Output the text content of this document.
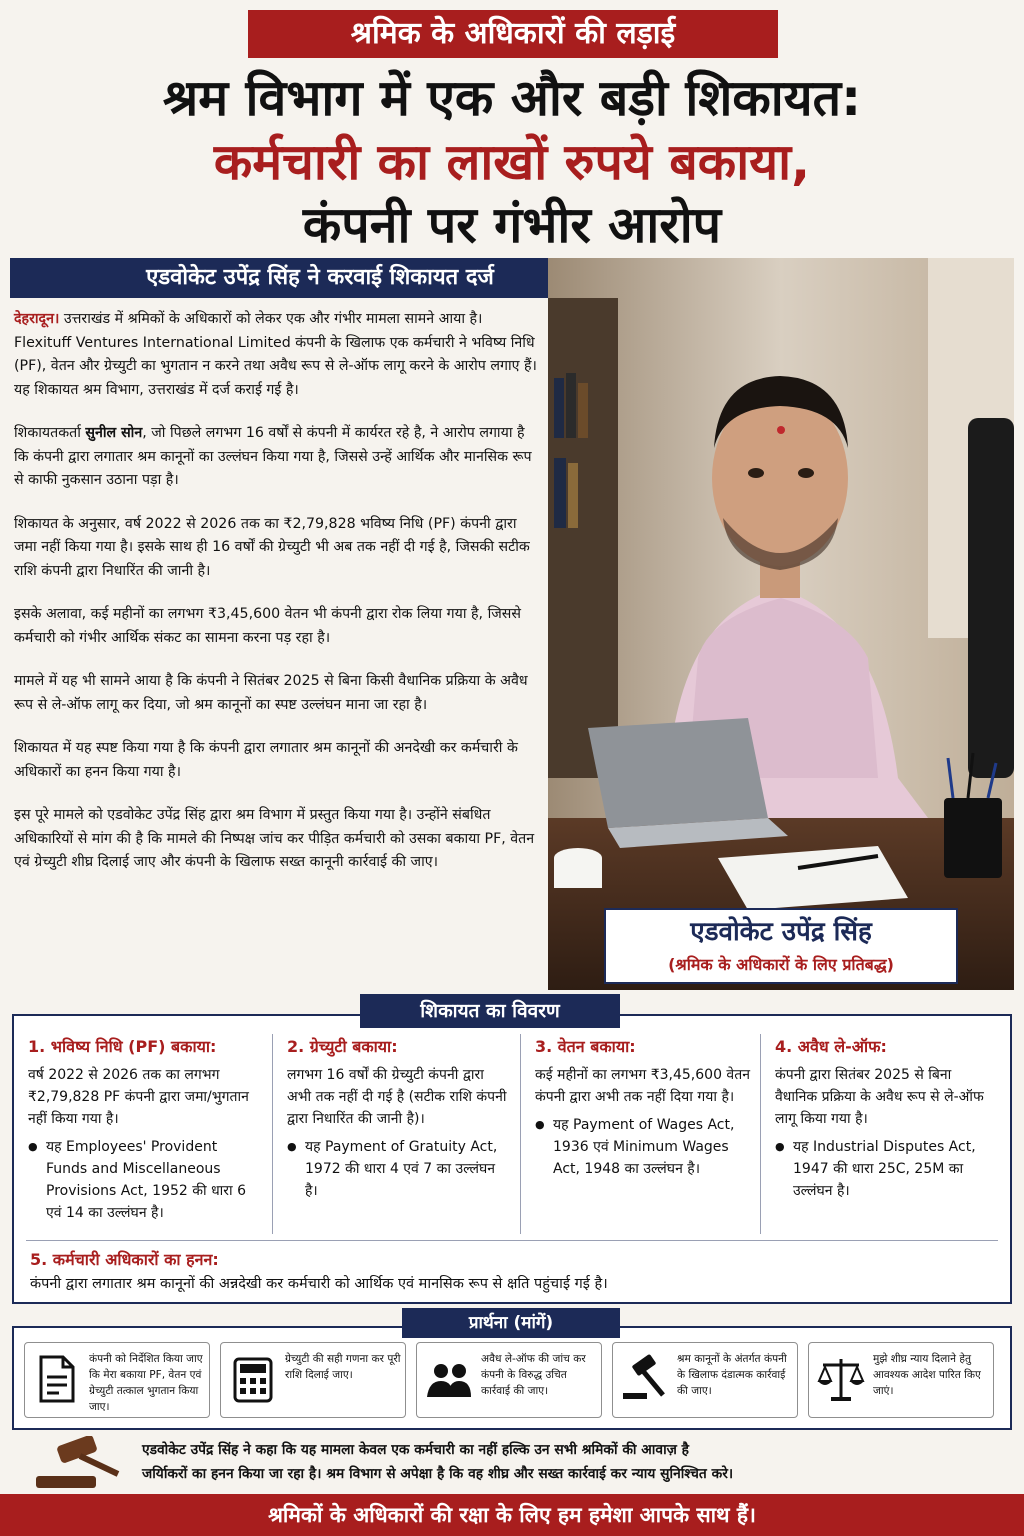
श्रमिक के अधिकारों की लड़ाई
श्रम विभाग में एक और बड़ी शिकायत:
कर्मचारी का लाखों रुपये बकाया,
कंपनी पर गंभीर आरोप
एडवोकेट उपेंद्र सिंह ने करवाई शिकायत दर्ज

देहरादून। उत्तराखंड में श्रमिकों के अधिकारों को लेकर एक और गंभीर मामला सामने आया है। Flexituff Ventures International Limited कंपनी के खिलाफ एक कर्मचारी ने भविष्य निधि (PF), वेतन और ग्रेच्युटी का भुगतान न करने तथा अवैध रूप से ले-ऑफ लागू करने के आरोप लगाए हैं। यह शिकायत श्रम विभाग, उत्तराखंड में दर्ज कराई गई है।

शिकायतकर्ता सुनील सोन, जो पिछले लगभग 16 वर्षों से कंपनी में कार्यरत रहे है, ने आरोप लगाया है कि कंपनी द्वारा लगातार श्रम कानूनों का उल्लंघन किया गया है, जिससे उन्हें आर्थिक और मानसिक रूप से काफी नुकसान उठाना पड़ा है।

शिकायत के अनुसार, वर्ष 2022 से 2026 तक का ₹2,79,828 भविष्य निधि (PF) कंपनी द्वारा जमा नहीं किया गया है। इसके साथ ही 16 वर्षों की ग्रेच्युटी भी अब तक नहीं दी गई है, जिसकी सटीक राशि कंपनी द्वारा निधारिंत की जानी है।

इसके अलावा, कई महीनों का लगभग ₹3,45,600 वेतन भी कंपनी द्वारा रोक लिया गया है, जिससे कर्मचारी को गंभीर आर्थिक संकट का सामना करना पड़ रहा है।

मामले में यह भी सामने आया है कि कंपनी ने सितंबर 2025 से बिना किसी वैधानिक प्रक्रिया के अवैध रूप से ले-ऑफ लागू कर दिया, जो श्रम कानूनों का स्पष्ट उल्लंघन माना जा रहा है।

शिकायत में यह स्पष्ट किया गया है कि कंपनी द्वारा लगातार श्रम कानूनों की अनदेखी कर कर्मचारी के अधिकारों का हनन किया गया है।

इस पूरे मामले को एडवोकेट उपेंद्र सिंह द्वारा श्रम विभाग में प्रस्तुत किया गया है। उन्होंने संबधित अधिकारियों से मांग की है कि मामले की निष्पक्ष जांच कर पीड़ित कर्मचारी को उसका बकाया PF, वेतन एवं ग्रेच्युटी शीघ्र दिलाई जाए और कंपनी के खिलाफ सख्त कानूनी कार्रवाई की जाए।

एडवोकेट उपेंद्र सिंह
(श्रमिक के अधिकारों के लिए प्रतिबद्ध)
1. भविष्य निधि (PF) बकाया:
वर्ष 2022 से 2026 तक का लगभग ₹2,79,828 PF कंपनी द्वारा जमा/भुगतान नहीं किया गया है।
● यह Employees' Provident Funds and Miscellaneous Provisions Act, 1952 की धारा 6 एवं 14 का उल्लंघन है।
2. ग्रेच्युटी बकाया:
लगभग 16 वर्षों की ग्रेच्युटी कंपनी द्वारा अभी तक नहीं दी गई है (सटीक राशि कंपनी द्वारा निधारिंत की जानी है)।
● यह Payment of Gratuity Act, 1972 की धारा 4 एवं 7 का उल्लंघन है।
3. वेतन बकाया:
कई महीनों का लगभग ₹3,45,600 वेतन कंपनी द्वारा अभी तक नहीं दिया गया है।
● यह Payment of Wages Act, 1936 एवं Minimum Wages Act, 1948 का उल्लंघन है।
4. अवैध ले-ऑफ:
कंपनी द्वारा सितंबर 2025 से बिना वैधानिक प्रक्रिया के अवैध रूप से ले-ऑफ लागू किया गया है।
● यह Industrial Disputes Act, 1947 की धारा 25C, 25M का उल्लंघन है।
5. कर्मचारी अधिकारों का हनन:
कंपनी द्वारा लगातार श्रम कानूनों की अन्नदेखी कर कर्मचारी को आर्थिक एवं मानसिक रूप से क्षति पहुंचाई गई है।
शिकायत का विवरण
कंपनी को निर्देशित किया जाए कि मेरा बकाया PF, वेतन एवं ग्रेच्युटी तत्काल भुगतान किया जाए।
ग्रेच्युटी की सही गणना कर पूरी राशि दिलाई जाए।
अवैध ले-ऑफ की जांच कर कंपनी के विरुद्ध उचित कार्रवाई की जाए।
श्रम कानूनों के अंतर्गत कंपनी के खिलाफ दंडात्मक कार्रवाई की जाए।
मुझे शीघ्र न्याय दिलाने हेतु आवश्यक आदेश पारित किए जाएं।
प्रार्थना (मांगें)
एडवोकेट उपेंद्र सिंह ने कहा कि यह मामला केवल एक कर्मचारी का नहीं हल्कि उन सभी श्रमिकों की आवाज़ है
जर्यािकरों का हनन किया जा रहा है। श्रम विभाग से अपेक्षा है कि वह शीघ्र और सख्त कार्रवाई कर न्याय सुनिश्चित करे।
श्रमिकों के अधिकारों की रक्षा के लिए हम हमेशा आपके साथ हैं।
